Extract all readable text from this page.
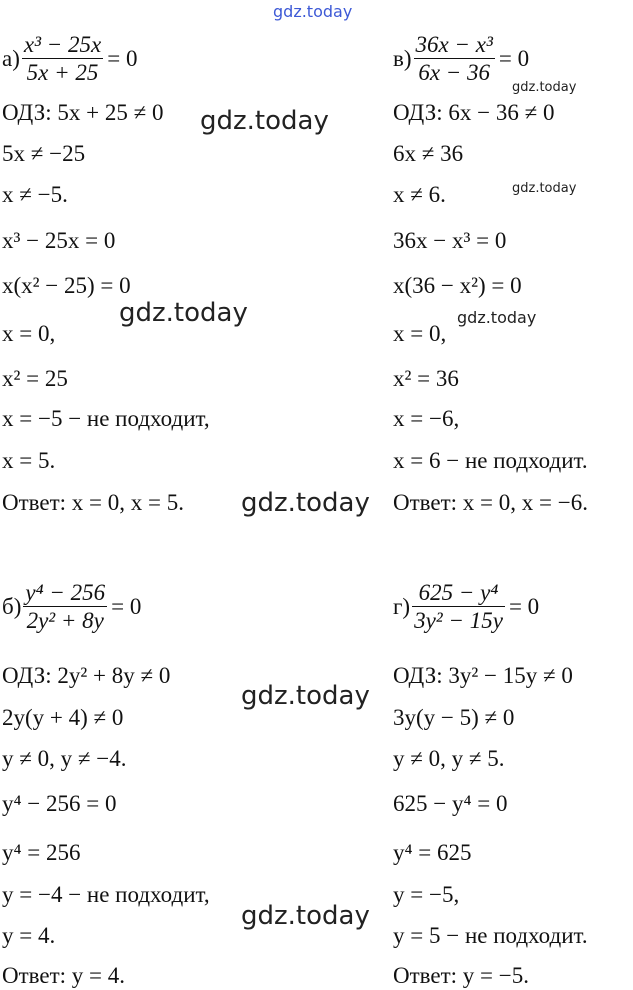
gdz.today
gdz.today
gdz.today
gdz.today
gdz.today	gdz.today
gdz.today
gdz.today
gdz.today
$а) \frac{\text{x³ − 25x}}{5x + 25} = 0$
ОДЗ: 5x + 25 ≠ 0
5x ≠ −25
x ≠ −5.
x³ − 25x = 0
x(x² − 25) = 0
x = 0,
x² = 25
x = −5 − не подходит,
x = 5.
Ответ: x = 0, x = 5.
$в) \frac{\text{36x − x³}}{6x - 36} = 0$
ОДЗ: 6x − 36 ≠ 0
6x ≠ 36
x ≠ 6.
36x − x³ = 0
x(36 − x²) = 0
x = 0,
x² = 36
x = −6,
x = 6 − не подходит.
Ответ: x = 0, x = −6.
$б) \frac{\text{y⁴ − 256}}{\text{2y² + 8y}} = 0$
ОДЗ: 2y² + 8y ≠ 0
2y(y + 4) ≠ 0
y ≠ 0, y ≠ −4.
y⁴ − 256 = 0
y⁴ = 256
y = −4 − не подходит,
y = 4.
Ответ: y = 4.
$г) \frac{\text{625 − y⁴}}{\text{3y² − 15y}} = 0$
ОДЗ: 3y² − 15y ≠ 0
3y(y − 5) ≠ 0
y ≠ 0, y ≠ 5.
625 − y⁴ = 0
y⁴ = 625
y = −5,
y = 5 − не подходит.
Ответ: y = −5.
